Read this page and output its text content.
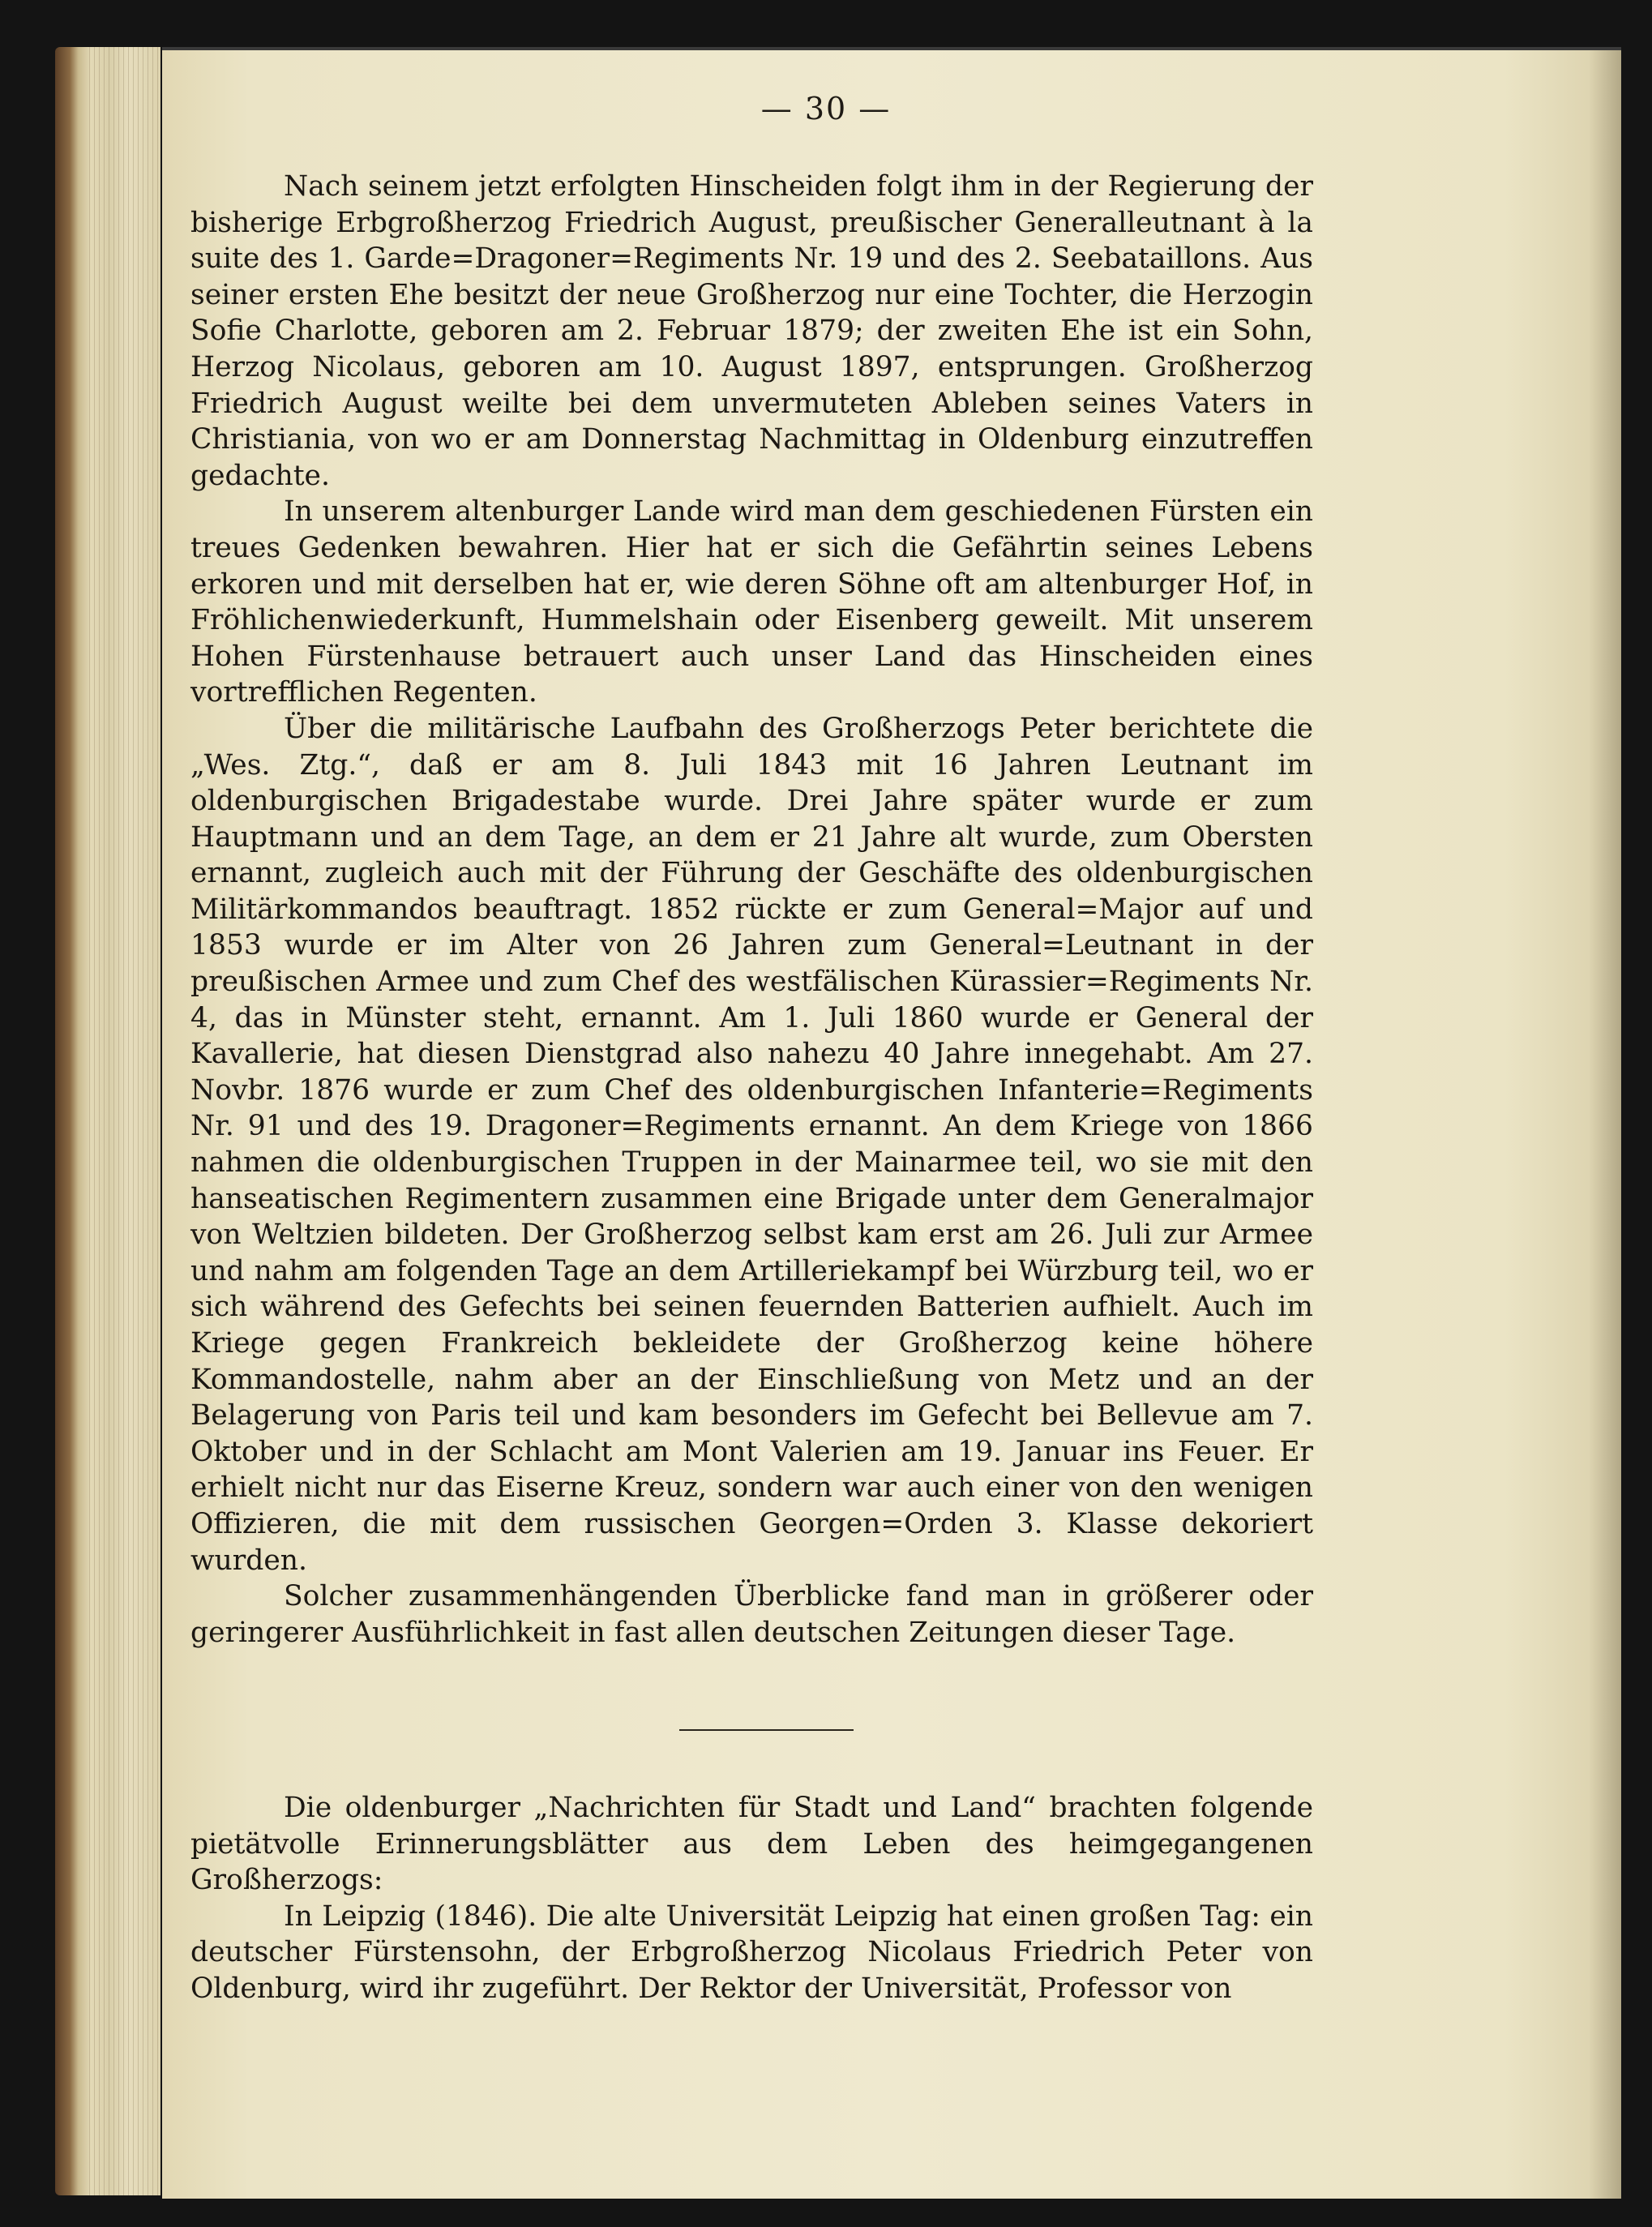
— 30 —

Nach seinem jetzt erfolgten Hinscheiden folgt ihm in der Regierung der bisherige Erbgroßherzog Friedrich August, preußischer Generalleutnant à la suite des 1. Garde=Dragoner=Regiments Nr. 19 und des 2. Seebataillons. Aus seiner ersten Ehe besitzt der neue Großherzog nur eine Tochter, die Herzogin Sofie Charlotte, geboren am 2. Februar 1879; der zweiten Ehe ist ein Sohn, Herzog Nicolaus, geboren am 10. August 1897, entsprungen. Großherzog Friedrich August weilte bei dem unvermuteten Ableben seines Vaters in Christiania, von wo er am Donnerstag Nachmittag in Oldenburg einzutreffen gedachte.

In unserem altenburger Lande wird man dem geschiedenen Fürsten ein treues Gedenken bewahren. Hier hat er sich die Gefährtin seines Lebens erkoren und mit derselben hat er, wie deren Söhne oft am altenburger Hof, in Fröhlichenwiederkunft, Hummelshain oder Eisenberg geweilt. Mit unserem Hohen Fürstenhause betrauert auch unser Land das Hinscheiden eines vortrefflichen Regenten.

Über die militärische Laufbahn des Großherzogs Peter berichtete die „Wes. Ztg.“, daß er am 8. Juli 1843 mit 16 Jahren Leutnant im oldenburgischen Brigadestabe wurde. Drei Jahre später wurde er zum Hauptmann und an dem Tage, an dem er 21 Jahre alt wurde, zum Obersten ernannt, zugleich auch mit der Führung der Geschäfte des oldenburgischen Militärkommandos beauftragt. 1852 rückte er zum General=Major auf und 1853 wurde er im Alter von 26 Jahren zum General=Leutnant in der preußischen Armee und zum Chef des westfälischen Kürassier=Regiments Nr. 4, das in Münster steht, ernannt. Am 1. Juli 1860 wurde er General der Kavallerie, hat diesen Dienstgrad also nahezu 40 Jahre innegehabt. Am 27. Novbr. 1876 wurde er zum Chef des oldenburgischen Infanterie=Regiments Nr. 91 und des 19. Dragoner=Regiments ernannt. An dem Kriege von 1866 nahmen die oldenburgischen Truppen in der Mainarmee teil, wo sie mit den hanseatischen Regimentern zusammen eine Brigade unter dem Generalmajor von Weltzien bildeten. Der Großherzog selbst kam erst am 26. Juli zur Armee und nahm am folgenden Tage an dem Artilleriekampf bei Würzburg teil, wo er sich während des Gefechts bei seinen feuernden Batterien aufhielt. Auch im Kriege gegen Frankreich bekleidete der Großherzog keine höhere Kommandostelle, nahm aber an der Einschließung von Metz und an der Belagerung von Paris teil und kam besonders im Gefecht bei Bellevue am 7. Oktober und in der Schlacht am Mont Valerien am 19. Januar ins Feuer. Er erhielt nicht nur das Eiserne Kreuz, sondern war auch einer von den wenigen Offizieren, die mit dem russischen Georgen=Orden 3. Klasse dekoriert wurden.

Solcher zusammenhängenden Überblicke fand man in größerer oder geringerer Ausführlichkeit in fast allen deutschen Zeitungen dieser Tage.

Die oldenburger „Nachrichten für Stadt und Land“ brachten folgende pietätvolle Erinnerungsblätter aus dem Leben des heimgegangenen Großherzogs:

In Leipzig (1846). Die alte Universität Leipzig hat einen großen Tag: ein deutscher Fürstensohn, der Erbgroßherzog Nicolaus Friedrich Peter von Oldenburg, wird ihr zugeführt. Der Rektor der Universität, Professor von
